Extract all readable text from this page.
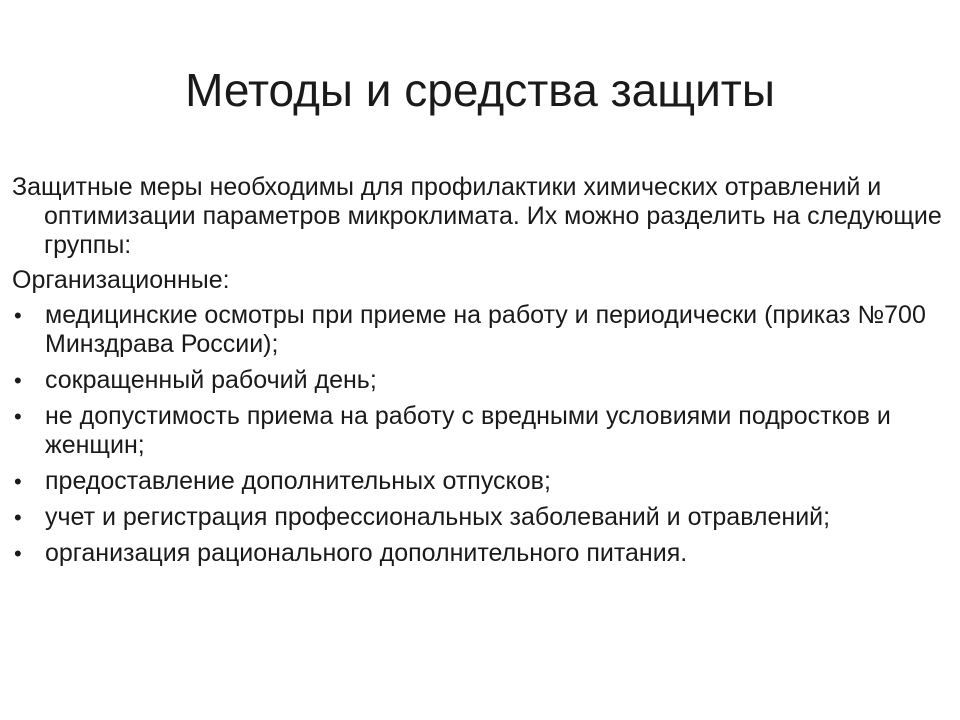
Методы и средства защиты

Защитные меры необходимы для профилактики химических отравлений и оптимизации параметров микроклимата. Их можно разделить на следующие группы:

Организационные:

• медицинские осмотры при приеме на работу и периодически (приказ №700 Минздрава России);
• сокращенный рабочий день;
• не допустимость приема на работу с вредными условиями подростков и женщин;
• предоставление дополнительных отпусков;
• учет и регистрация профессиональных заболеваний и отравлений;
• организация рационального дополнительного питания.
